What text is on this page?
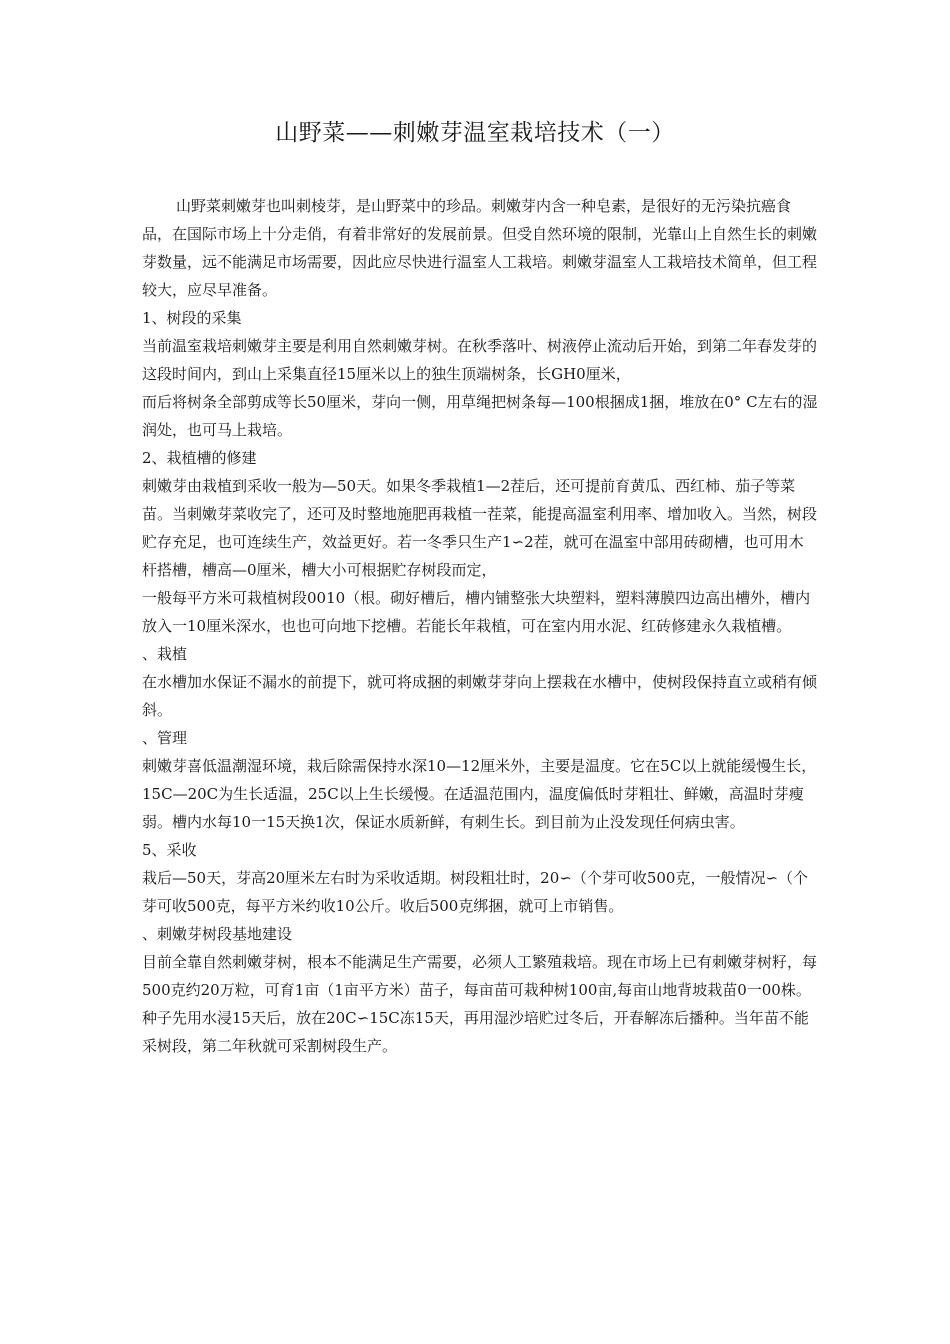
山野菜——刺嫩芽温室栽培技术（一）

山野菜刺嫩芽也叫刺棱芽，是山野菜中的珍品。刺嫩芽内含一种皂素，是很好的无污染抗癌食品，在国际市场上十分走俏，有着非常好的发展前景。但受自然环境的限制，光靠山上自然生长的刺嫩芽数量，远不能满足市场需要，因此应尽快进行温室人工栽培。刺嫩芽温室人工栽培技术简单，但工程较大，应尽早准备。

1、树段的采集

当前温室栽培刺嫩芽主要是利用自然刺嫩芽树。在秋季落叶、树液停止流动后开始，到第二年春发芽的这段时间内，到山上采集直径15厘米以上的独生顶端树条，长GH0厘米，

而后将树条全部剪成等长50厘米，芽向一侧，用草绳把树条每—100根捆成1捆，堆放在0° C左右的湿润处，也可马上栽培。

2、栽植槽的修建

刺嫩芽由栽植到采收一般为—50天。如果冬季栽植1—2茬后，还可提前育黄瓜、西红柿、茄子等菜苗。当刺嫩芽菜收完了，还可及时整地施肥再栽植一茬菜，能提高温室利用率、增加收入。当然，树段贮存充足，也可连续生产，效益更好。若一冬季只生产1∽2茬，就可在温室中部用砖砌槽，也可用木杆搭槽，槽高—0厘米，槽大小可根据贮存树段而定，

一般每平方米可栽植树段0010（根。砌好槽后，槽内铺整张大块塑料，塑料薄膜四边高出槽外，槽内放入一10厘米深水，也也可向地下挖槽。若能长年栽植，可在室内用水泥、红砖修建永久栽植槽。

、栽植

在水槽加水保证不漏水的前提下，就可将成捆的刺嫩芽芽向上摆栽在水槽中，使树段保持直立或稍有倾斜。

、管理

刺嫩芽喜低温潮湿环境，栽后除需保持水深10—12厘米外，主要是温度。它在5C以上就能缓慢生长，15C—20C为生长适温，25C以上生长缓慢。在适温范围内，温度偏低时芽粗壮、鲜嫩，高温时芽瘦弱。槽内水每10一15天换1次，保证水质新鲜，有刺生长。到目前为止没发现任何病虫害。

5、采收

栽后—50天，芽高20厘米左右时为采收适期。树段粗壮时，20∽（个芽可收500克，一般情况∽（个芽可收500克，每平方米约收10公斤。收后500克绑捆，就可上市销售。

、刺嫩芽树段基地建设

目前全靠自然刺嫩芽树，根本不能满足生产需要，必须人工繁殖栽培。现在市场上已有刺嫩芽树籽，每500克约20万粒，可育1亩（1亩平方米）苗子，每亩苗可栽种树100亩,每亩山地背坡栽苗0一00株。种子先用水浸15天后，放在20C∽15C冻15天，再用湿沙培贮过冬后，开春解冻后播种。当年苗不能采树段，第二年秋就可采割树段生产。
